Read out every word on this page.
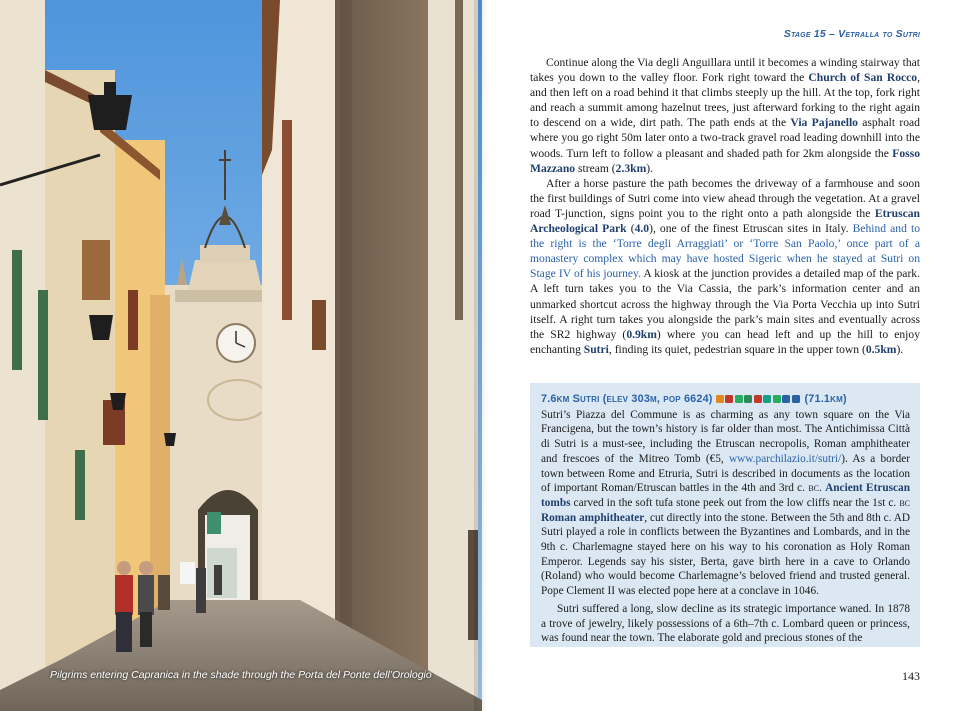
Pilgrims entering Capranica in the shade through the Porta del Ponte dell’Orologio
Stage 15 – Vetralla to Sutri

Continue along the Via degli Anguillara until it becomes a winding stairway that takes you down to the valley floor. Fork right toward the Church of San Rocco, and then left on a road behind it that climbs steeply up the hill. At the top, fork right and reach a summit among hazelnut trees, just afterward forking to the right again to descend on a wide, dirt path. The path ends at the Via Pajanello asphalt road where you go right 50m later onto a two-track gravel road leading downhill into the woods. Turn left to follow a pleasant and shaded path for 2km alongside the Fosso Mazzano stream (2.3km).

After a horse pasture the path becomes the driveway of a farmhouse and soon the first buildings of Sutri come into view ahead through the vegetation. At a gravel road T-junction, signs point you to the right onto a path alongside the Etruscan Archeological Park (4.0), one of the finest Etruscan sites in Italy. Behind and to the right is the ‘Torre degli Arraggiati’ or ‘Torre San Paolo,’ once part of a monastery complex which may have hosted Sigeric when he stayed at Sutri on Stage IV of his journey. A kiosk at the junction provides a detailed map of the park. A left turn takes you to the Via Cassia, the park’s information center and an unmarked shortcut across the highway through the Via Porta Vecchia up into Sutri itself. A right turn takes you alongside the park’s main sites and eventually across the SR2 highway (0.9km) where you can head left and up the hill to enjoy enchanting Sutri, finding its quiet, pedestrian square in the upper town (0.5km).

7.6km Sutri (elev 303m, pop 6624)	(71.1km)

Sutri’s Piazza del Commune is as charming as any town square on the Via Francigena, but the town’s history is far older than most. The Antichimissa Città di Sutri is a must-see, including the Etruscan necropolis, Roman amphitheater and frescoes of the Mitreo Tomb (€5, www.parchilazio.it/sutri/). As a border town between Rome and Etruria, Sutri is described in documents as the location of important Roman/Etruscan battles in the 4th and 3rd c. bc. Ancient Etruscan tombs carved in the soft tufa stone peek out from the low cliffs near the 1st c. bc Roman amphitheater, cut directly into the stone. Between the 5th and 8th c. AD Sutri played a role in conflicts between the Byzantines and Lombards, and in the 9th c. Charlemagne stayed here on his way to his coronation as Holy Roman Emperor. Legends say his sister, Berta, gave birth here in a cave to Orlando (Roland) who would become Charlemagne’s beloved friend and trusted general. Pope Clement II was elected pope here at a conclave in 1046.

Sutri suffered a long, slow decline as its strategic importance waned. In 1878 a trove of jewelry, likely possessions of a 6th–7th c. Lombard queen or princess, was found near the town. The elaborate gold and precious stones of the

143
